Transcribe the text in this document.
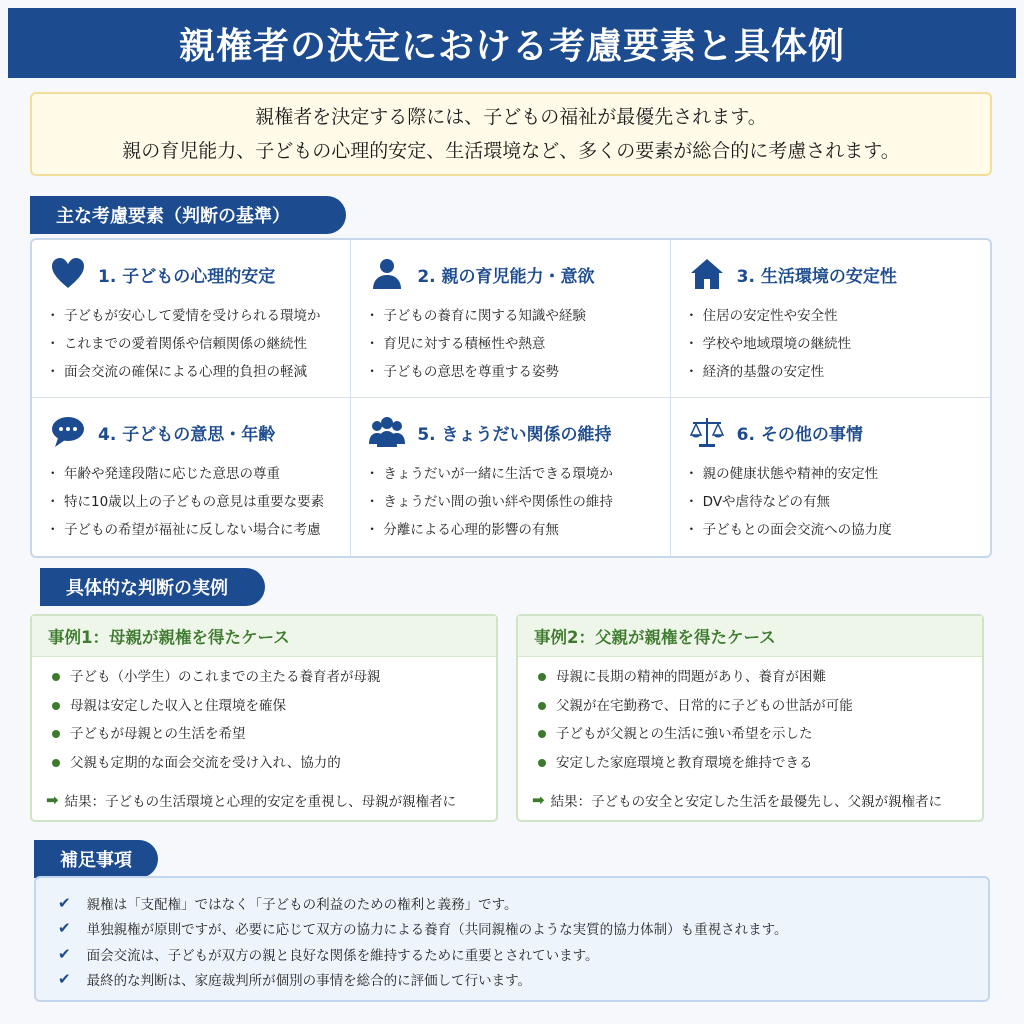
親権者の決定における考慮要素と具体例
親権者を決定する際には、子どもの福祉が最優先されます。
親の育児能力、子どもの心理的安定、生活環境など、多くの要素が総合的に考慮されます。
主な考慮要素（判断の基準）
1. 子どもの心理的安定
・ 子どもが安心して愛情を受けられる環境か
・ これまでの愛着関係や信頼関係の継続性
・ 面会交流の確保による心理的負担の軽減
2. 親の育児能力・意欲
・ 子どもの養育に関する知識や経験
・ 育児に対する積極性や熱意
・ 子どもの意思を尊重する姿勢
3. 生活環境の安定性
・ 住居の安定性や安全性
・ 学校や地域環境の継続性
・ 経済的基盤の安定性
4. 子どもの意思・年齢
・ 年齢や発達段階に応じた意思の尊重
・ 特に10歳以上の子どもの意見は重要な要素
・ 子どもの希望が福祉に反しない場合に考慮
5. きょうだい関係の維持
・ きょうだいが一緒に生活できる環境か
・ きょうだい間の強い絆や関係性の維持
・ 分離による心理的影響の有無
6. その他の事情
・ 親の健康状態や精神的安定性
・ DVや虐待などの有無
・ 子どもとの面会交流への協力度
具体的な判断の実例
事例1：母親が親権を得たケース
子ども（小学生）のこれまでの主たる養育者が母親
母親は安定した収入と住環境を確保
子どもが母親との生活を希望
父親も定期的な面会交流を受け入れ、協力的
➡ 結果：子どもの生活環境と心理的安定を重視し、母親が親権者に
事例2：父親が親権を得たケース
母親に長期の精神的問題があり、養育が困難
父親が在宅勤務で、日常的に子どもの世話が可能
子どもが父親との生活に強い希望を示した
安定した家庭環境と教育環境を維持できる
➡ 結果：子どもの安全と安定した生活を最優先し、父親が親権者に
補足事項
✔ 親権は「支配権」ではなく「子どもの利益のための権利と義務」です。
✔ 単独親権が原則ですが、必要に応じて双方の協力による養育（共同親権のような実質的協力体制）も重視されます。
✔ 面会交流は、子どもが双方の親と良好な関係を維持するために重要とされています。
✔ 最終的な判断は、家庭裁判所が個別の事情を総合的に評価して行います。
